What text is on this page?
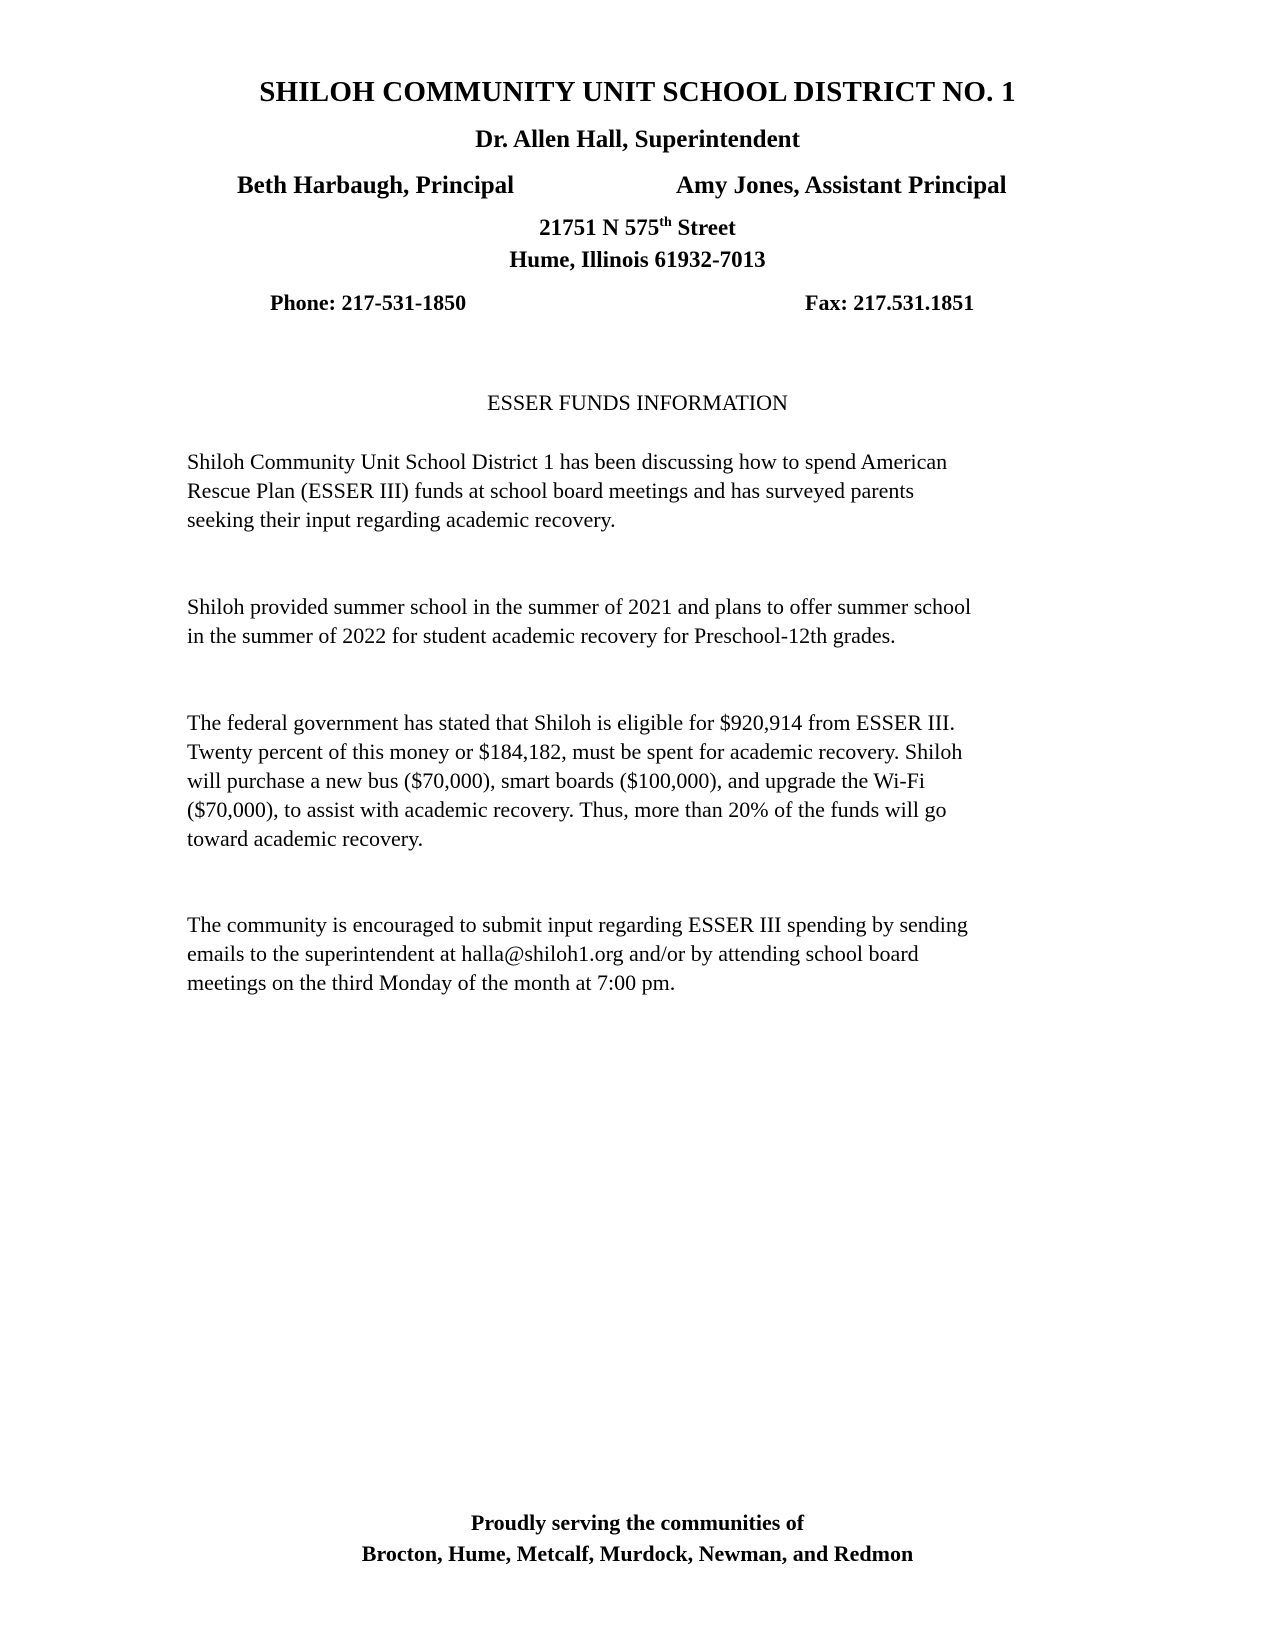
SHILOH COMMUNITY UNIT SCHOOL DISTRICT NO. 1
Dr. Allen Hall, Superintendent
Beth Harbaugh, Principal	Amy Jones, Assistant Principal
21751 N 575th Street
Hume, Illinois 61932-7013
Phone: 217-531-1850	Fax: 217.531.1851
ESSER FUNDS INFORMATION

Shiloh Community Unit School District 1 has been discussing how to spend American
Rescue Plan (ESSER III) funds at school board meetings and has surveyed parents
seeking their input regarding academic recovery.

Shiloh provided summer school in the summer of 2021 and plans to offer summer school
in the summer of 2022 for student academic recovery for Preschool-12th grades.

The federal government has stated that Shiloh is eligible for $920,914 from ESSER III.
Twenty percent of this money or $184,182, must be spent for academic recovery. Shiloh
will purchase a new bus ($70,000), smart boards ($100,000), and upgrade the Wi-Fi
($70,000), to assist with academic recovery. Thus, more than 20% of the funds will go
toward academic recovery.

The community is encouraged to submit input regarding ESSER III spending by sending
emails to the superintendent at halla@shiloh1.org and/or by attending school board
meetings on the third Monday of the month at 7:00 pm.

Proudly serving the communities of
Brocton, Hume, Metcalf, Murdock, Newman, and Redmon
